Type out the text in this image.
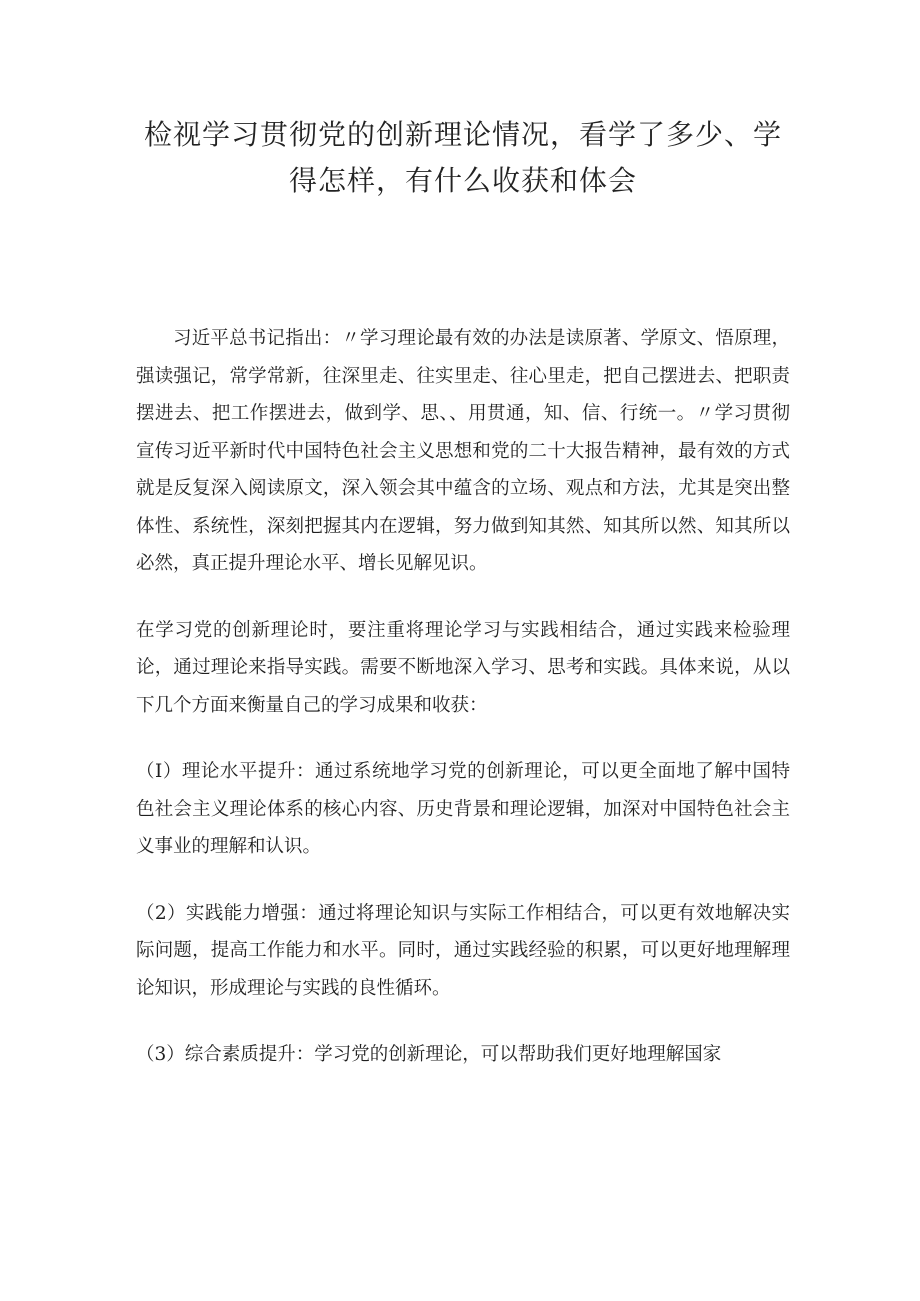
检视学习贯彻党的创新理论情况，看学了多少、学得怎样，有什么收获和体会

习近平总书记指出：〃学习理论最有效的办法是读原著、学原文、悟原理，强读强记，常学常新，往深里走、往实里走、往心里走，把自己摆进去、把职责摆进去、把工作摆进去，做到学、思、、用贯通，知、信、行统一。〃学习贯彻宣传习近平新时代中国特色社会主义思想和党的二十大报告精神，最有效的方式就是反复深入阅读原文，深入领会其中蕴含的立场、观点和方法，尤其是突出整体性、系统性，深刻把握其内在逻辑，努力做到知其然、知其所以然、知其所以必然，真正提升理论水平、增长见解见识。

在学习党的创新理论时，要注重将理论学习与实践相结合，通过实践来检验理论，通过理论来指导实践。需要不断地深入学习、思考和实践。具体来说，从以下几个方面来衡量自己的学习成果和收获：

（I）理论水平提升：通过系统地学习党的创新理论，可以更全面地了解中国特色社会主义理论体系的核心内容、历史背景和理论逻辑，加深对中国特色社会主义事业的理解和认识。

（2）实践能力增强：通过将理论知识与实际工作相结合，可以更有效地解决实际问题，提高工作能力和水平。同时，通过实践经验的积累，可以更好地理解理论知识，形成理论与实践的良性循环。

（3）综合素质提升：学习党的创新理论，可以帮助我们更好地理解国家
